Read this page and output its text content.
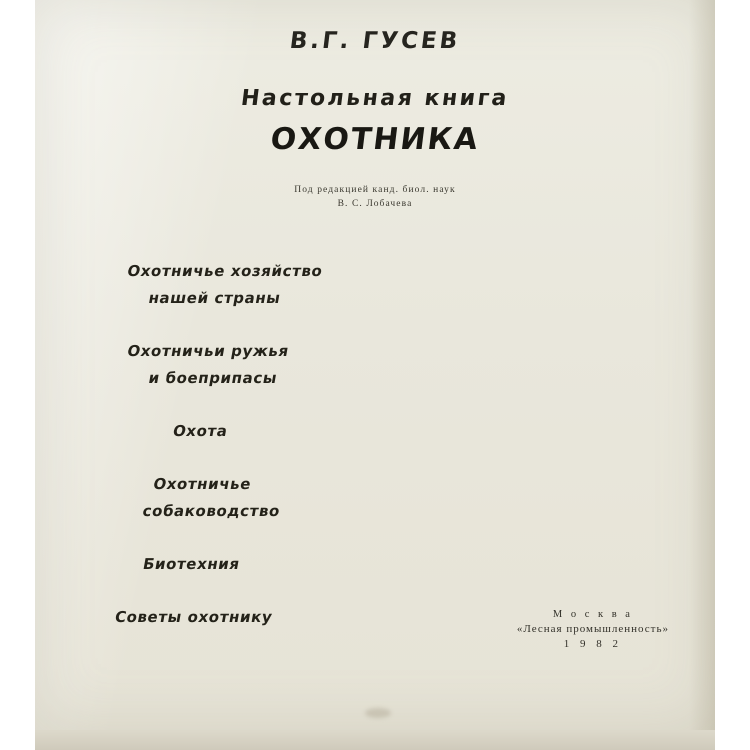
В.Г. ГУСЕВ
Настольная книга
ОХОТНИКА
Под редакцией канд. биол. наук
В. С. Лобачева
Охотничье хозяйство
нашей страны
Охотничьи ружья
и боеприпасы
Охота
Охотничье
собаководство
Биотехния
Советы охотнику	М о с к в а
«Лесная промышленность»
1 9 8 2
